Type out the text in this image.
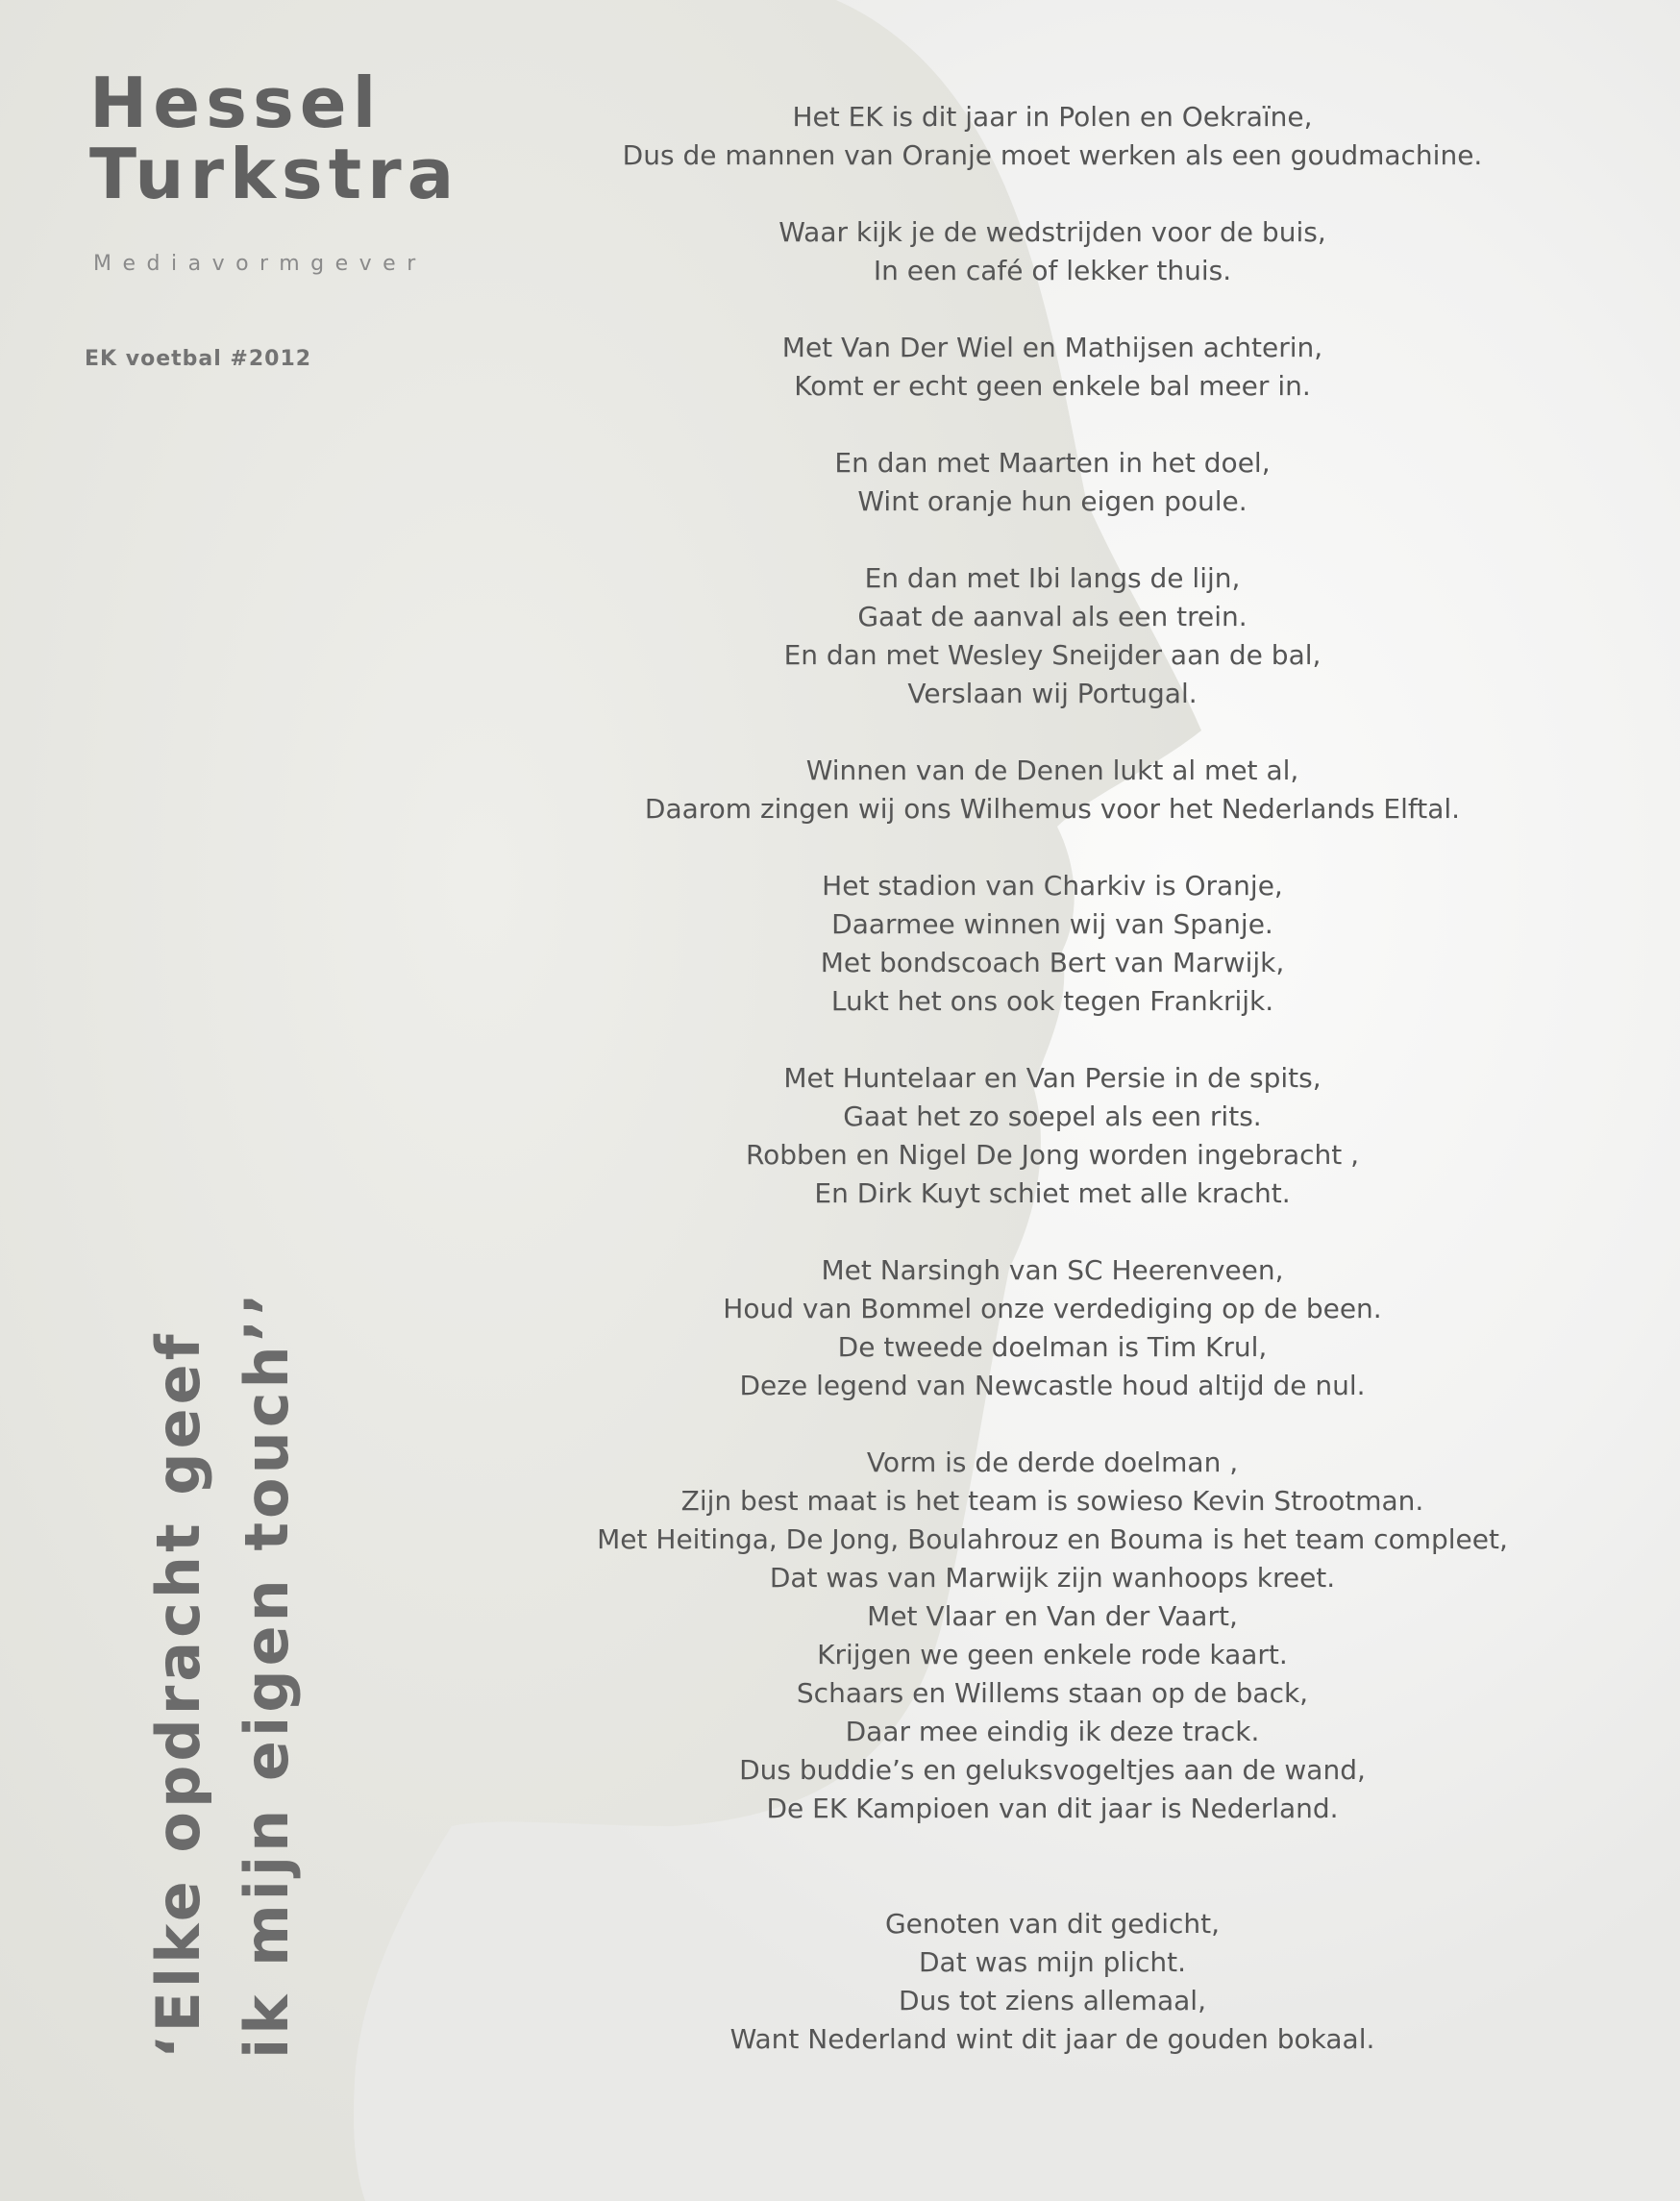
Hessel
Turkstra
Mediavormgever
EK voetbal #2012
‘Elke opdracht geef ik mijn eigen touch’’
Het EK is dit jaar in Polen en Oekraïne,
Dus de mannen van Oranje moet werken als een goudmachine.
Waar kijk je de wedstrijden voor de buis,
In een café of lekker thuis.
Met Van Der Wiel en Mathijsen achterin,
Komt er echt geen enkele bal meer in.
En dan met Maarten in het doel,
Wint oranje hun eigen poule.
En dan met Ibi langs de lijn,
Gaat de aanval als een trein.
En dan met Wesley Sneijder aan de bal,
Verslaan wij Portugal.
Winnen van de Denen lukt al met al,
Daarom zingen wij ons Wilhemus voor het Nederlands Elftal.
Het stadion van Charkiv is Oranje,
Daarmee winnen wij van Spanje.
Met bondscoach Bert van Marwijk,
Lukt het ons ook tegen Frankrijk.
Met Huntelaar en Van Persie in de spits,
Gaat het zo soepel als een rits.
Robben en Nigel De Jong worden ingebracht ,
En Dirk Kuyt schiet met alle kracht.
Met Narsingh van SC Heerenveen,
Houd van Bommel onze verdediging op de been.
De tweede doelman is Tim Krul,
Deze legend van Newcastle houd altijd de nul.
Vorm is de derde doelman ,
Zijn best maat is het team is sowieso Kevin Strootman.
Met Heitinga, De Jong, Boulahrouz en Bouma is het team compleet,
Dat was van Marwijk zijn wanhoops kreet.
Met Vlaar en Van der Vaart,
Krijgen we geen enkele rode kaart.
Schaars en Willems staan op de back,
Daar mee eindig ik deze track.
Dus buddie’s en geluksvogeltjes aan de wand,
De EK Kampioen van dit jaar is Nederland.
Genoten van dit gedicht,
Dat was mijn plicht.
Dus tot ziens allemaal,
Want Nederland wint dit jaar de gouden bokaal.
